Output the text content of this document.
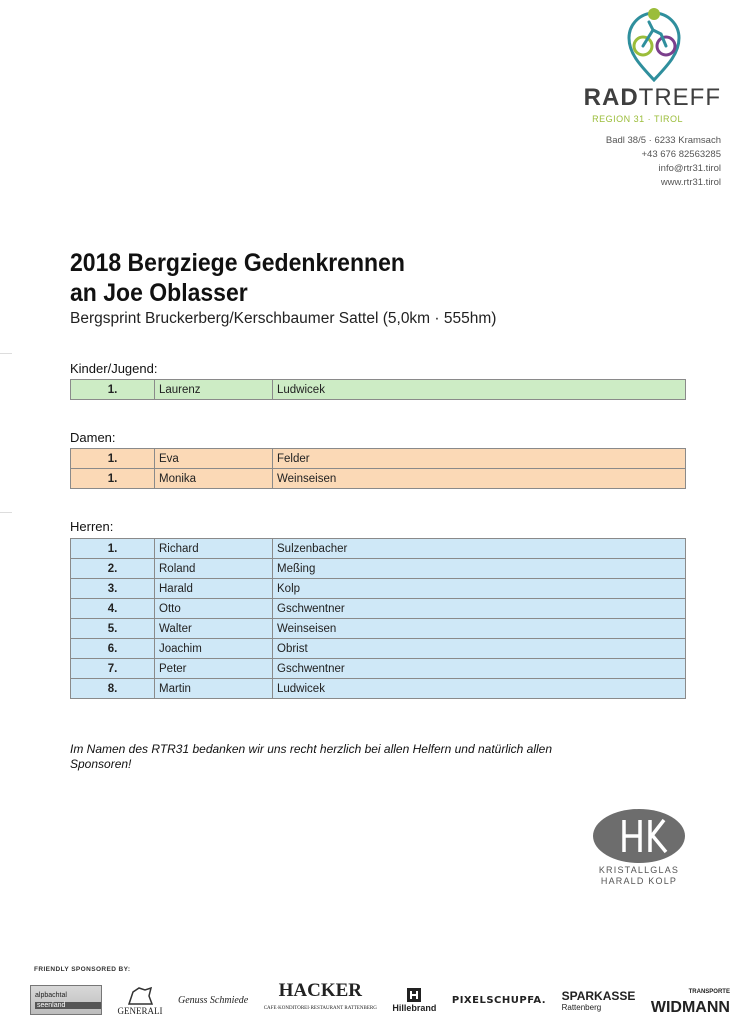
RADTREFF
REGION 31 · TIROL
Badl 38/5 · 6233 Kramsach
+43 676 82563285
info@rtr31.tirol
www.rtr31.tirol
2018 Bergziege Gedenkrennen
an Joe Oblasser
Bergsprint Bruckerberg/Kerschbaumer Sattel (5,0km · 555hm)
Kinder/Jugend:
1.	Laurenz	Ludwicek
Damen:
1.	Eva	Felder
1.	Monika	Weinseisen
Herren:
1.	Richard	Sulzenbacher
2.	Roland	Meßing
3.	Harald	Kolp
4.	Otto	Gschwentner
5.	Walter	Weinseisen
6.	Joachim	Obrist
7.	Peter	Gschwentner
8.	Martin	Ludwicek
Im Namen des RTR31 bedanken wir uns recht herzlich bei allen Helfern und natürlich allen
Sponsoren!
KRISTALLGLAS
HARALD KOLP
FRIENDLY SPONSORED BY:
alpbachtal
seenland
GENERALI
Genuss Schmiede HACKER
CAFE·KONDITOREI·RESTAURANT RATTENBERG Hillebrand
PIXELSCHUPFA. SPARKASSE
Rattenberg
TRANSPORTE
WIDMANN
